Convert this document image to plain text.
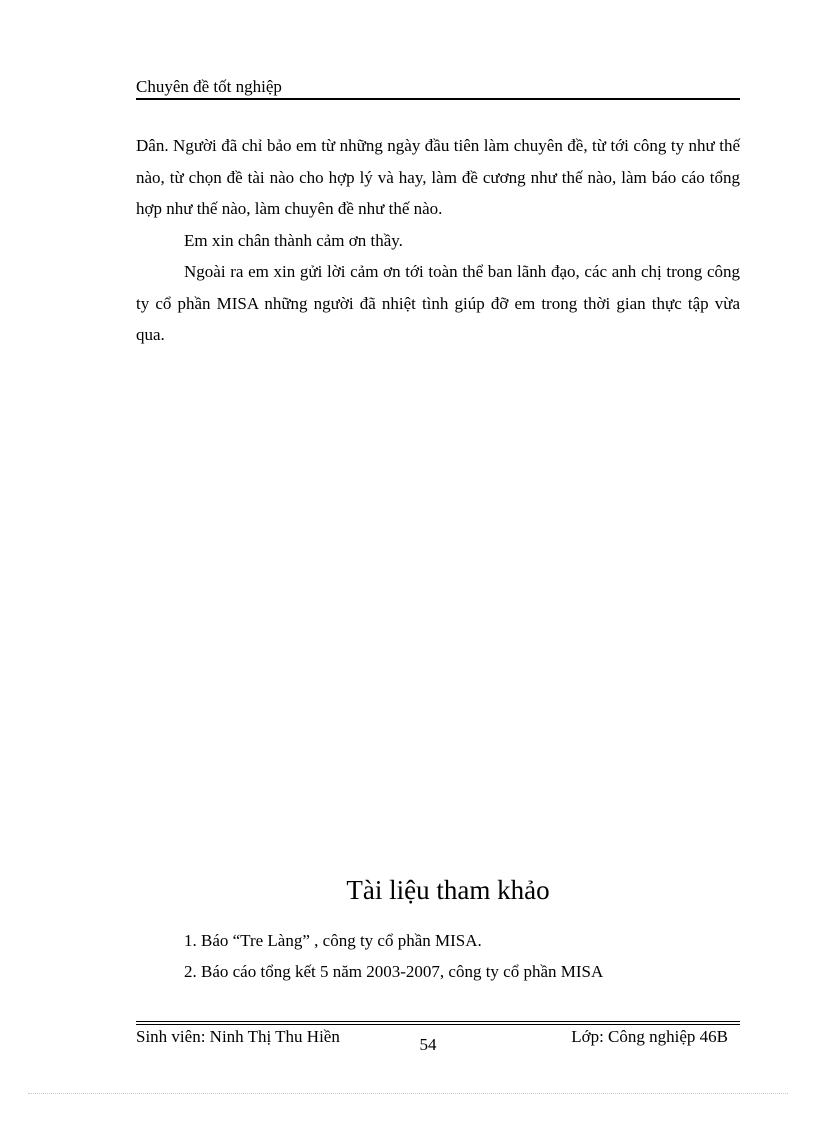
Chuyên đề tốt nghiệp

Dân. Người đã chỉ bảo em từ những ngày đầu tiên làm chuyên đề, từ tới công ty như thế nào, từ chọn đề tài nào cho hợp lý và hay, làm đề cương như thế nào, làm báo cáo tổng hợp như thế nào, làm chuyên đề như thế nào.

Em xin chân thành cảm ơn thầy.

Ngoài ra em xin gửi lời cảm ơn tới toàn thể ban lãnh đạo, các anh chị trong công ty cổ phần MISA những người đã nhiệt tình giúp đỡ em trong thời gian thực tập vừa qua.

Tài liệu tham khảo
1. Báo “Tre Làng” , công ty cổ phần MISA.
2. Báo cáo tổng kết 5 năm 2003-2007, công ty cổ phần MISA
Sinh viên: Ninh Thị Thu Hiền	54	Lớp: Công nghiệp 46B
